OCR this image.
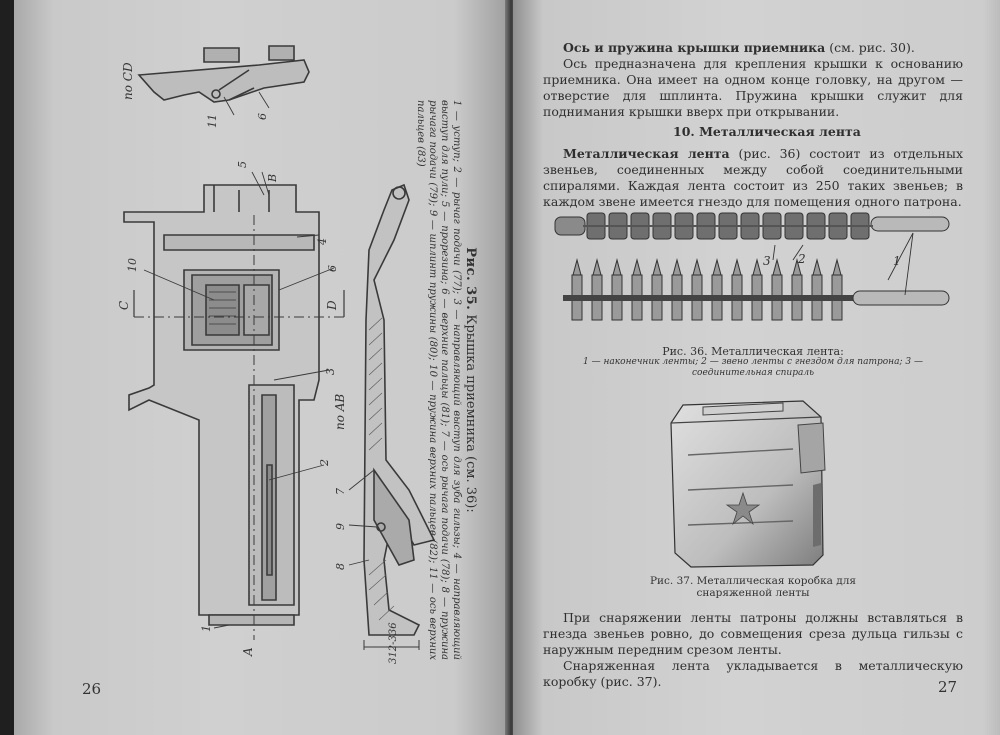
по CD
по AB
11	6
5
B
4
10	6
C	D
3
2
7
9
8
1
A	312-336
Рис. 35. Крышка приемника (см. 36):
1 — уступ; 2 — рычаг подачи (77); 3 — направляющий выступ для зуба гильзы; 4 — направляющий выступ для пули; 5 — прорезина; 6 — верхние пальцы (81); 7 — ось рычага подачи (78); 8 — пружина рычага подачи (79); 9 — шплинт пружины (80); 10 — пружина верхних пальцев (82); 11 — ось верхних пальцев (83)
26

Ось и пружина крышки приемника (см. рис. 30).

Ось предназначена для крепления крышки к основанию приемника. Она имеет на одном конце головку, на другом — отверстие для шплинта. Пружина крышки служит для поднимания крышки вверх при открывании.

10. Металлическая лента

Металлическая лента (рис. 36) состоит из отдельных звеньев, соединенных между собой соединительными спиралями. Каждая лента состоит из 250 таких звеньев; в каждом звене имеется гнездо для помещения одного патрона.

1
2
3
Рис. 36. Металлическая лента:
1 — наконечник ленты; 2 — звено ленты с гнездом для патрона; 3 — соединительная спираль
Рис. 37. Металлическая коробка для снаряженной ленты

При снаряжении ленты патроны должны вставляться в гнезда звеньев ровно, до совмещения среза дульца гильзы с наружным передним срезом ленты.

Снаряженная лента укладывается в металлическую коробку (рис. 37).	27
